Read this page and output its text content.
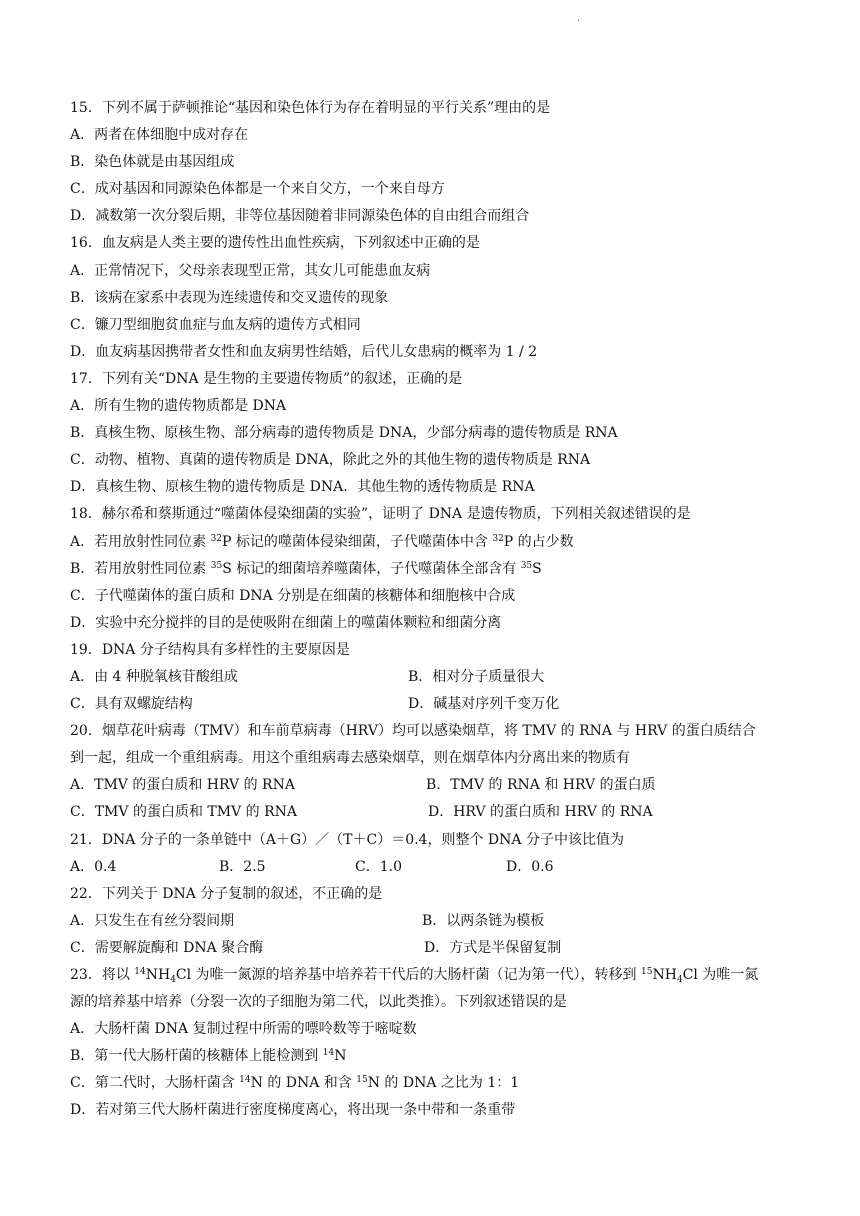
.
15．下列不属于萨顿推论“基因和染色体行为存在着明显的平行关系”理由的是
A．两者在体细胞中成对存在
B．染色体就是由基因组成
C．成对基因和同源染色体都是一个来自父方，一个来自母方
D．减数第一次分裂后期，非等位基因随着非同源染色体的自由组合而组合
16．血友病是人类主要的遗传性出血性疾病，下列叙述中正确的是
A．正常情况下，父母亲表现型正常，其女儿可能患血友病
B．该病在家系中表现为连续遗传和交叉遗传的现象
C．镰刀型细胞贫血症与血友病的遗传方式相同
D．血友病基因携带者女性和血友病男性结婚，后代儿女患病的概率为 1 / 2
17．下列有关“DNA 是生物的主要遗传物质”的叙述，正确的是
A．所有生物的遗传物质都是 DNA
B．真核生物、原核生物、部分病毒的遗传物质是 DNA，少部分病毒的遗传物质是 RNA
C．动物、植物、真菌的遗传物质是 DNA，除此之外的其他生物的遗传物质是 RNA
D．真核生物、原核生物的遗传物质是 DNA．其他生物的透传物质是 RNA
18．赫尔希和蔡斯通过“噬菌体侵染细菌的实验”，证明了 DNA 是遗传物质，下列相关叙述错误的是
A．若用放射性同位素 $^{32}$P 标记的噬菌体侵染细菌，子代噬菌体中含 $^{32}$P 的占少数
B．若用放射性同位素 $^{35}$S 标记的细菌培养噬菌体，子代噬菌体全部含有 $^{35}$S
C．子代噬菌体的蛋白质和 DNA 分别是在细菌的核糖体和细胞核中合成
D．实验中充分搅拌的目的是使吸附在细菌上的噬菌体颗粒和细菌分离
19．DNA 分子结构具有多样性的主要原因是
A．由 4 种脱氧核苷酸组成	B．相对分子质量很大
C．具有双螺旋结构	D．碱基对序列千变万化
20．烟草花叶病毒（TMV）和车前草病毒（HRV）均可以感染烟草，将 TMV 的 RNA 与 HRV 的蛋白质结合
到一起，组成一个重组病毒。用这个重组病毒去感染烟草，则在烟草体内分离出来的物质有
A．TMV 的蛋白质和 HRV 的 RNA	B．TMV 的 RNA 和 HRV 的蛋白质
C．TMV 的蛋白质和 TMV 的 RNA	D．HRV 的蛋白质和 HRV 的 RNA
21．DNA 分子的一条单链中（A＋G）／（T＋C）＝0.4，则整个 DNA 分子中该比值为
A．0.4	B．2.5	C．1.0	D．0.6
22．下列关于 DNA 分子复制的叙述，不正确的是
A．只发生在有丝分裂间期	B．以两条链为模板
C．需要解旋酶和 DNA 聚合酶	D．方式是半保留复制
23．将以 $^{14}NH_4Cl$ 为唯一氮源的培养基中培养若干代后的大肠杆菌（记为第一代），转移到 $^{15}NH_4Cl$ 为唯一氮
源的培养基中培养（分裂一次的子细胞为第二代，以此类推）。下列叙述错误的是
A．大肠杆菌 DNA 复制过程中所需的嘌呤数等于嘧啶数
B．第一代大肠杆菌的核糖体上能检测到 $^{14}$N
C．第二代时，大肠杆菌含 $^{14}$N 的 DNA 和含 $^{15}$N 的 DNA 之比为 1：1
D．若对第三代大肠杆菌进行密度梯度离心，将出现一条中带和一条重带
